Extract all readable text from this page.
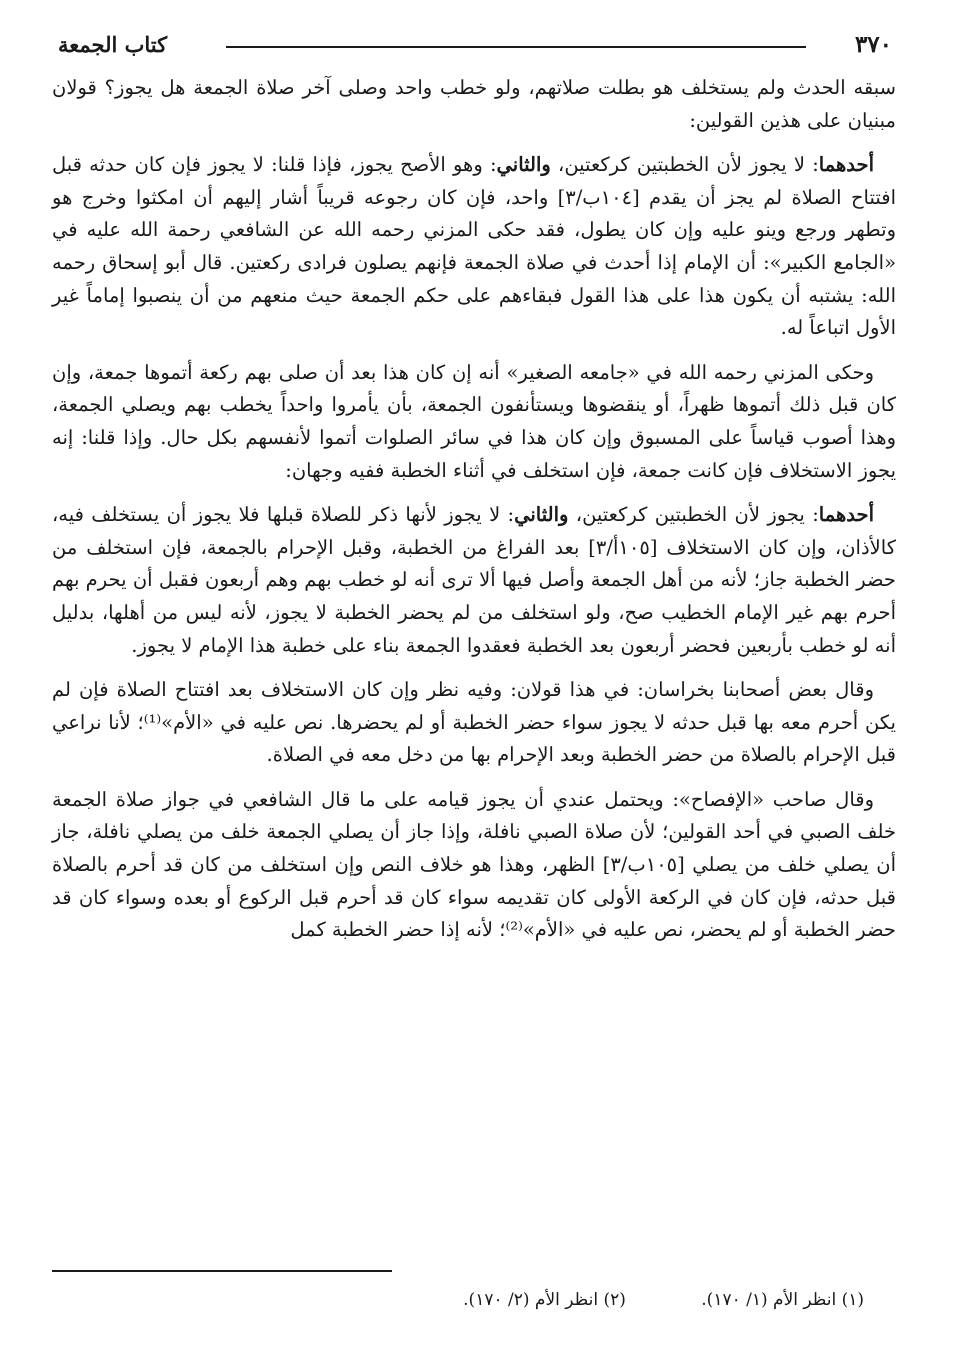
٣٧٠
كتاب الجمعة

سبقه الحدث ولم يستخلف هو بطلت صلاتهم، ولو خطب واحد وصلى آخر صلاة الجمعة هل يجوز؟ قولان مبنيان على هذين القولين:

أحدهما: لا يجوز لأن الخطبتين كركعتين، والثاني: وهو الأصح يجوز، فإذا قلنا: لا يجوز فإن كان حدثه قبل افتتاح الصلاة لم يجز أن يقدم [١٠٤ب/٣] واحد، فإن كان رجوعه قريباً أشار إليهم أن امكثوا وخرج هو وتطهر ورجع وينو عليه وإن كان يطول، فقد حكى المزني رحمه الله عن الشافعي رحمة الله عليه في «الجامع الكبير»: أن الإمام إذا أحدث في صلاة الجمعة فإنهم يصلون فرادى ركعتين. قال أبو إسحاق رحمه الله: يشتبه أن يكون هذا على هذا القول فبقاءهم على حكم الجمعة حيث منعهم من أن ينصبوا إماماً غير الأول اتباعاً له.

وحكى المزني رحمه الله في «جامعه الصغير» أنه إن كان هذا بعد أن صلى بهم ركعة أتموها جمعة، وإن كان قبل ذلك أتموها ظهراً، أو ينقضوها ويستأنفون الجمعة، بأن يأمروا واحداً يخطب بهم ويصلي الجمعة، وهذا أصوب قياساً على المسبوق وإن كان هذا في سائر الصلوات أتموا لأنفسهم بكل حال. وإذا قلنا: إنه يجوز الاستخلاف فإن كانت جمعة، فإن استخلف في أثناء الخطبة ففيه وجهان:

أحدهما: يجوز لأن الخطبتين كركعتين، والثاني: لا يجوز لأنها ذكر للصلاة قبلها فلا يجوز أن يستخلف فيه، كالأذان، وإن كان الاستخلاف [١٠٥أ/٣] بعد الفراغ من الخطبة، وقبل الإحرام بالجمعة، فإن استخلف من حضر الخطبة جاز؛ لأنه من أهل الجمعة وأصل فيها ألا ترى أنه لو خطب بهم وهم أربعون فقبل أن يحرم بهم أحرم بهم غير الإمام الخطيب صح، ولو استخلف من لم يحضر الخطبة لا يجوز، لأنه ليس من أهلها، بدليل أنه لو خطب بأربعين فحضر أربعون بعد الخطبة فعقدوا الجمعة بناء على خطبة هذا الإمام لا يجوز.

وقال بعض أصحابنا بخراسان: في هذا قولان: وفيه نظر وإن كان الاستخلاف بعد افتتاح الصلاة فإن لم يكن أحرم معه بها قبل حدثه لا يجوز سواء حضر الخطبة أو لم يحضرها. نص عليه في «الأم»⁽¹⁾؛ لأنا نراعي قبل الإحرام بالصلاة من حضر الخطبة وبعد الإحرام بها من دخل معه في الصلاة.

وقال صاحب «الإفصاح»: ويحتمل عندي أن يجوز قيامه على ما قال الشافعي في جواز صلاة الجمعة خلف الصبي في أحد القولين؛ لأن صلاة الصبي نافلة، وإذا جاز أن يصلي الجمعة خلف من يصلي نافلة، جاز أن يصلي خلف من يصلي [١٠٥ب/٣] الظهر، وهذا هو خلاف النص وإن استخلف من كان قد أحرم بالصلاة قبل حدثه، فإن كان في الركعة الأولى كان تقديمه سواء كان قد أحرم قبل الركوع أو بعده وسواء كان قد حضر الخطبة أو لم يحضر، نص عليه في «الأم»⁽²⁾؛ لأنه إذا حضر الخطبة كمل

(١) انظر الأم (١/ ١٧٠). (٢) انظر الأم (٢/ ١٧٠).
